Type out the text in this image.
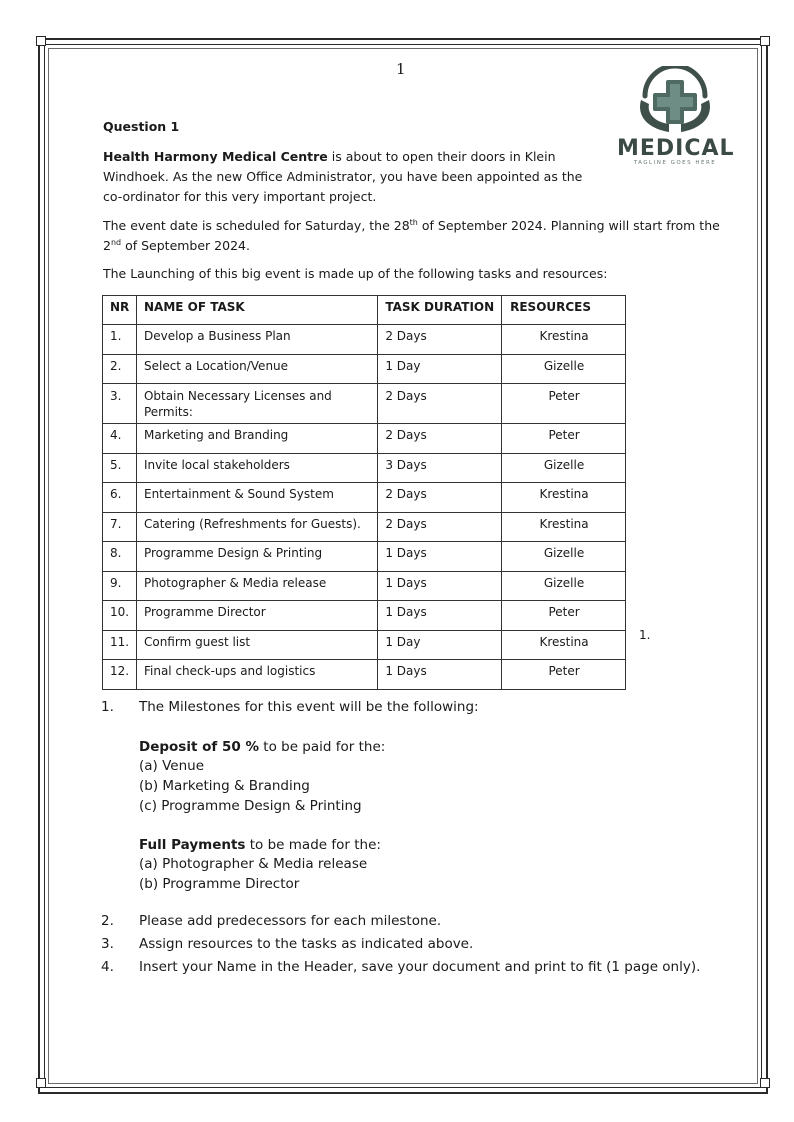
1
MEDICAL
TAGLINE GOES HERE
Question 1
Health Harmony Medical Centre is about to open their doors in Klein Windhoek. As the new Office Administrator, you have been appointed as the co-ordinator for this very important project.
The event date is scheduled for Saturday, the 28th of September 2024. Planning will start from the 2nd of September 2024.
The Launching of this big event is made up of the following tasks and resources:
NR	NAME OF TASK	TASK DURATION	RESOURCES
1.	Develop a Business Plan	2 Days	Krestina
2.	Select a Location/Venue	1 Day	Gizelle
3.	Obtain Necessary Licenses and Permits:	2 Days	Peter
4.	Marketing and Branding	2 Days	Peter
5.	Invite local stakeholders	3 Days	Gizelle
6.	Entertainment & Sound System	2 Days	Krestina
7.	Catering (Refreshments for Guests).	2 Days	Krestina
8.	Programme Design & Printing	1 Days	Gizelle
9.	Photographer & Media release	1 Days	Gizelle
10.	Programme Director	1 Days	Peter
11.	Confirm guest list	1 Day	Krestina
12.	Final check-ups and logistics	1 Days	Peter
1.
1. The Milestones for this event will be the following:
Deposit of 50 % to be paid for the:
(a) Venue
(b) Marketing & Branding
(c) Programme Design & Printing
Full Payments to be made for the:
(a) Photographer & Media release
(b) Programme Director
2. Please add predecessors for each milestone.
3. Assign resources to the tasks as indicated above.
4. Insert your Name in the Header, save your document and print to fit (1 page only).
